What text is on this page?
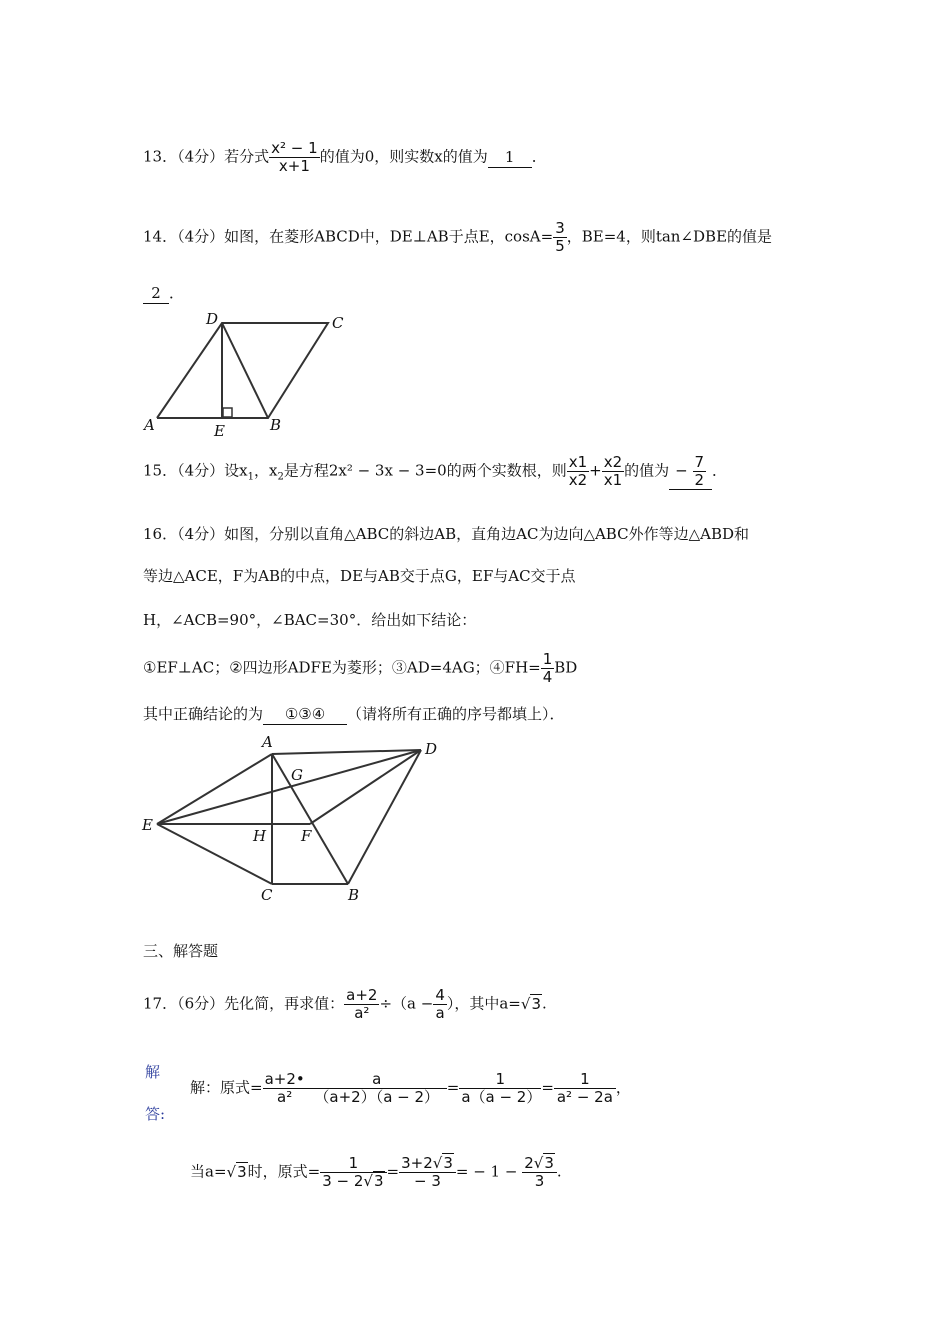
13．（4分）若分式 $\frac{\text{x² − 1}}{x+1}$ 的值为0，则实数x的值为 1 ．
14．（4分）如图，在菱形ABCD中，DE⊥AB于点E，$\cos A= \frac{3}{5}$ ，BE=4，则tan∠DBE的值是
2 ．
D	C
A	E	B
15．（4分）设$x_1$，$x_2$是方程2x² − 3x − 3=0的两个实数根，则 $\frac{x1}{x2} + \frac{x2}{x1}$ 的值为 − $\frac{7}{2}$ ．
16．（4分）如图，分别以直角△ABC的斜边AB，直角边AC为边向△ABC外作等边△ABD和
等边△ACE，F为AB的中点，DE与AB交于点G，EF与AC交于点
H，∠ACB=90°，∠BAC=30°．给出如下结论：
①EF⊥AC；②四边形ADFE为菱形；③AD=4AG；④FH= $\frac{1}{4}$ BD
其中正确结论的为 ①③④ （请将所有正确的序号都填上）．
A	D
G
E
H F
C	B
三、解答题
17．（6分）先化简，再求值： $\frac{a+2}{\text{a²}} \div(a - \frac{4}{a}$ ），其中a=√3.
解
答:
解：原式= $\frac{a+2•}{\text{a²}} \frac{a}{(a+2)(a - 2)} = \frac{1}{a(a - 2)} = \frac{1}{\text{a² − 2a}}$ ，
当a=√3时，原式= $\frac{1}{3 - 2√3} = \frac{3+2√3}{- 3}$ = − $1 - \frac{2√3}{3}$ .
